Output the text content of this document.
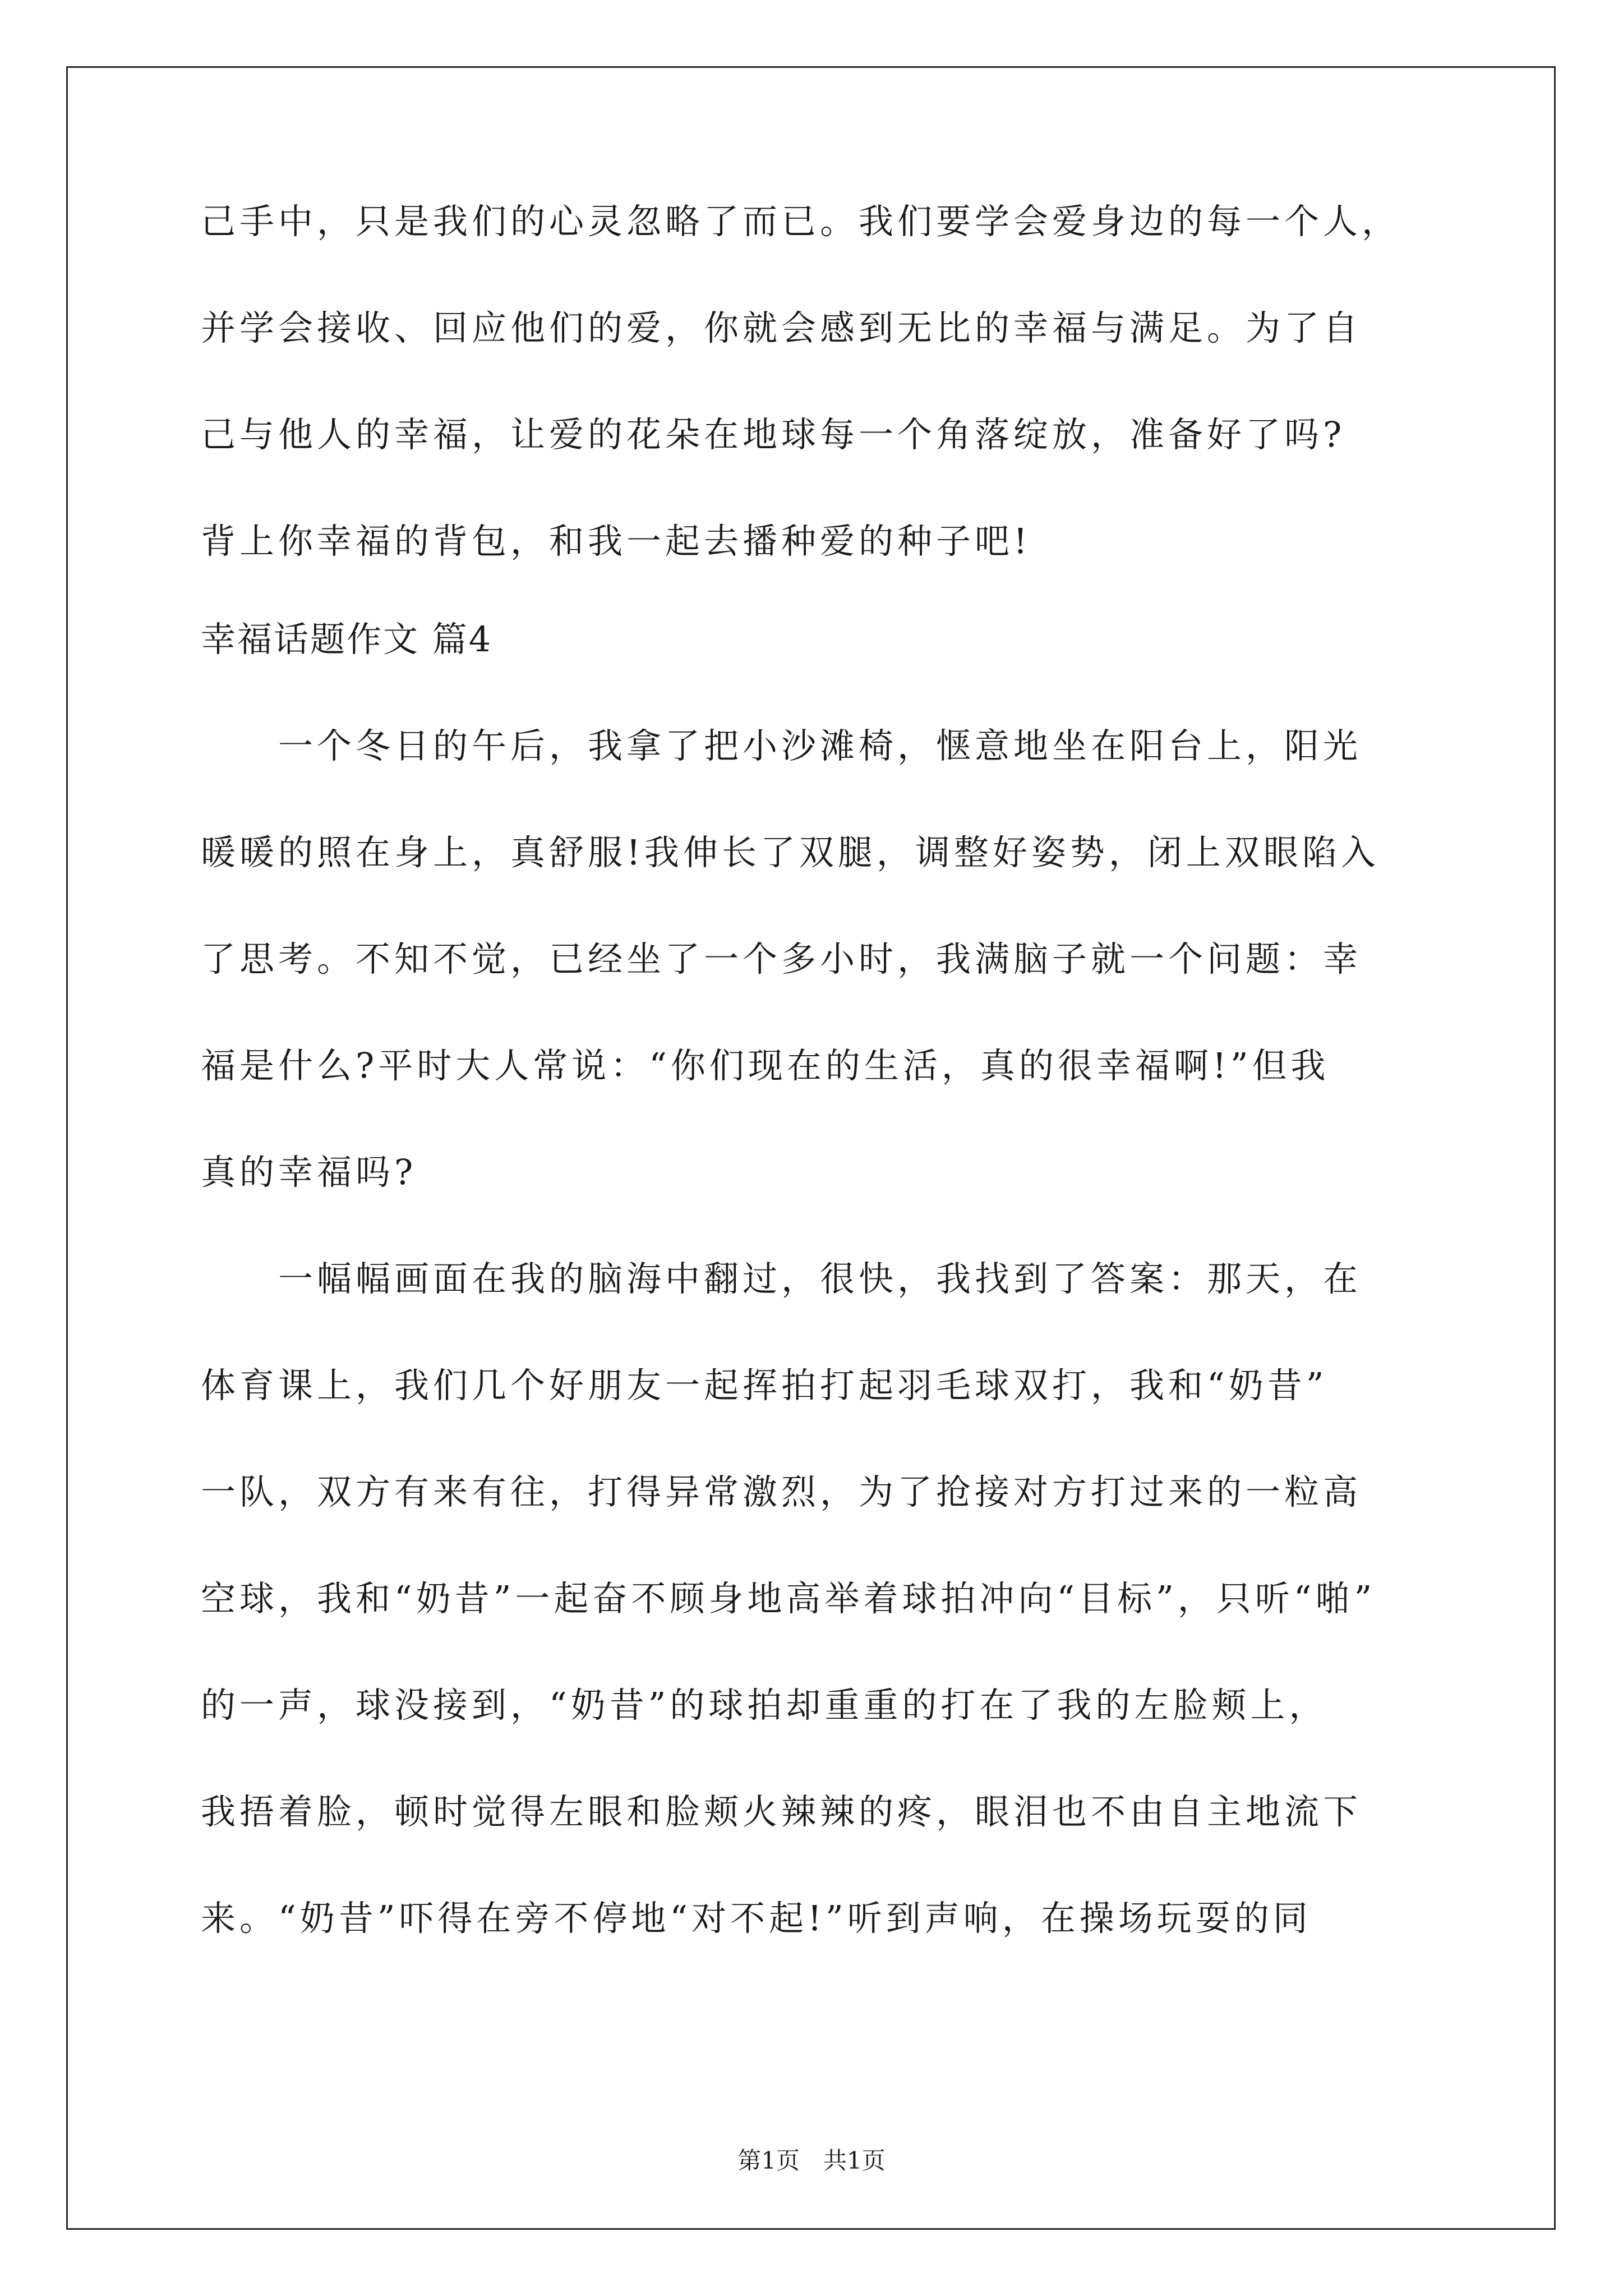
己手中，只是我们的心灵忽略了而已。我们要学会爱身边的每一个人，
并学会接收、回应他们的爱，你就会感到无比的幸福与满足。为了自
己与他人的幸福，让爱的花朵在地球每一个角落绽放，准备好了吗?
背上你幸福的背包，和我一起去播种爱的种子吧!
幸福话题作文 篇4
　　一个冬日的午后，我拿了把小沙滩椅，惬意地坐在阳台上，阳光
暖暖的照在身上，真舒服!我伸长了双腿，调整好姿势，闭上双眼陷入
了思考。不知不觉，已经坐了一个多小时，我满脑子就一个问题：幸
福是什么?平时大人常说：“你们现在的生活，真的很幸福啊!”但我
真的幸福吗?
　　一幅幅画面在我的脑海中翻过，很快，我找到了答案：那天，在
体育课上，我们几个好朋友一起挥拍打起羽毛球双打，我和“奶昔”
一队，双方有来有往，打得异常激烈，为了抢接对方打过来的一粒高
空球，我和“奶昔”一起奋不顾身地高举着球拍冲向“目标”，只听“啪”
的一声，球没接到，“奶昔”的球拍却重重的打在了我的左脸颊上，
我捂着脸，顿时觉得左眼和脸颊火辣辣的疼，眼泪也不由自主地流下
来。“奶昔”吓得在旁不停地“对不起!”听到声响，在操场玩耍的同
第1页　共1页
